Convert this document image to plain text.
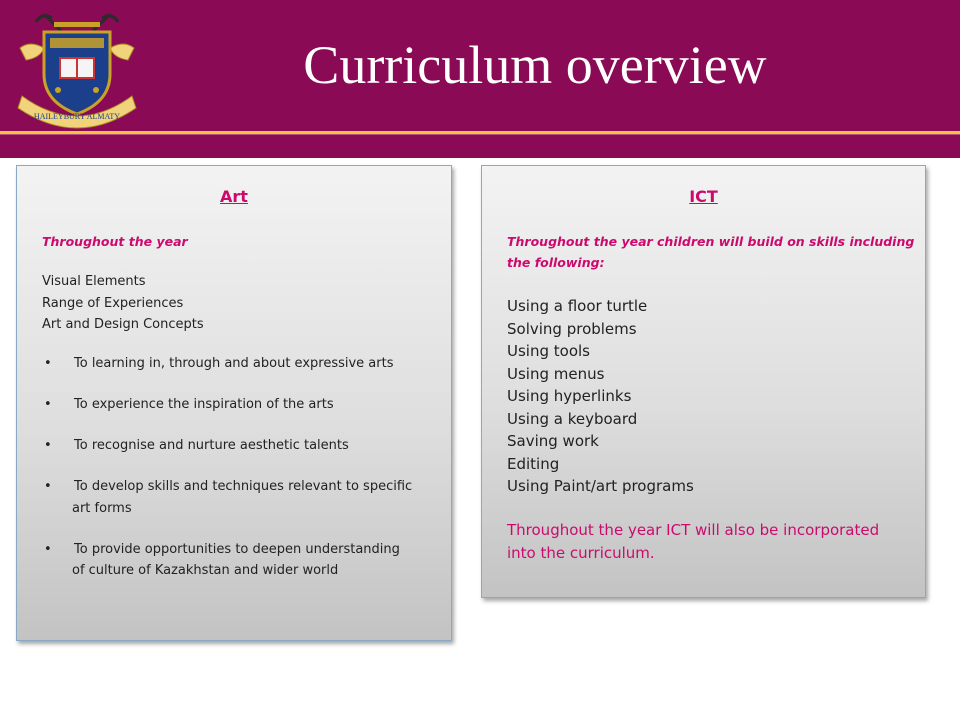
HAILEYBURY ALMATY
Curriculum overview
Art
Throughout the year
Visual Elements
Range of Experiences
Art and Design Concepts
•	To learning in, through and about expressive arts
•	To experience the inspiration of the arts
•	To recognise and nurture aesthetic talents
•	To develop skills and techniques relevant to specific
art forms
•	To provide opportunities to deepen understanding
of culture of Kazakhstan and wider world
ICT
Throughout the year children will build on skills including the following:
Using a floor turtle
Solving problems
Using tools
Using menus
Using hyperlinks
Using a keyboard
Saving work
Editing
Using Paint/art programs
Throughout the year ICT will also be incorporated into the curriculum.
